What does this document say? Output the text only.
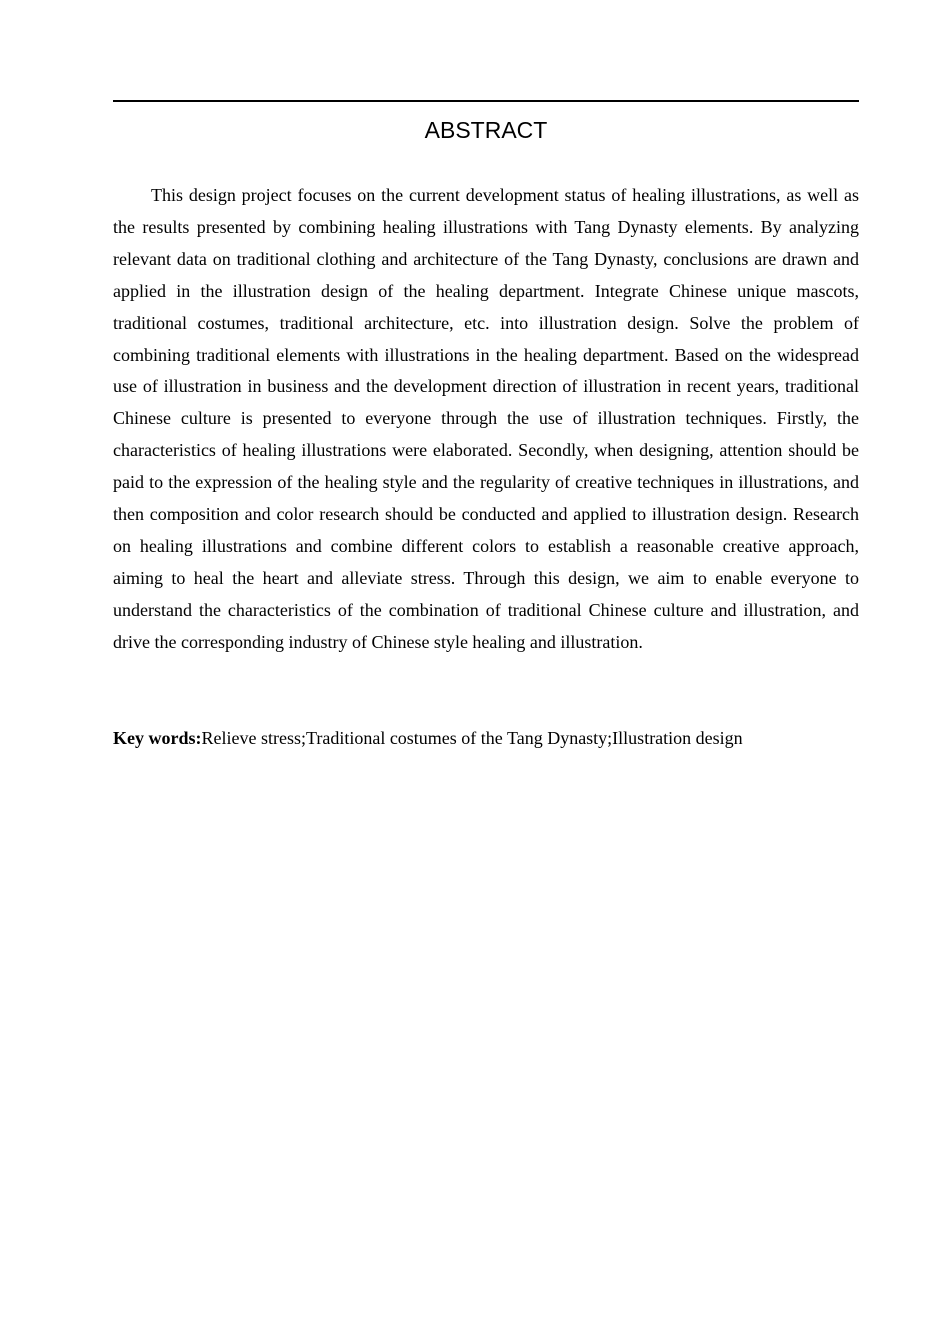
ABSTRACT

This design project focuses on the current development status of healing illustrations, as well as the results presented by combining healing illustrations with Tang Dynasty elements. By analyzing relevant data on traditional clothing and architecture of the Tang Dynasty, conclusions are drawn and applied in the illustration design of the healing department. Integrate Chinese unique mascots, traditional costumes, traditional architecture, etc. into illustration design. Solve the problem of combining traditional elements with illustrations in the healing department. Based on the widespread use of illustration in business and the development direction of illustration in recent years, traditional Chinese culture is presented to everyone through the use of illustration techniques. Firstly, the characteristics of healing illustrations were elaborated. Secondly, when designing, attention should be paid to the expression of the healing style and the regularity of creative techniques in illustrations, and then composition and color research should be conducted and applied to illustration design. Research on healing illustrations and combine different colors to establish a reasonable creative approach, aiming to heal the heart and alleviate stress. Through this design, we aim to enable everyone to understand the characteristics of the combination of traditional Chinese culture and illustration, and drive the corresponding industry of Chinese style healing and illustration.

Key words:Relieve stress;Traditional costumes of the Tang Dynasty;Illustration design
